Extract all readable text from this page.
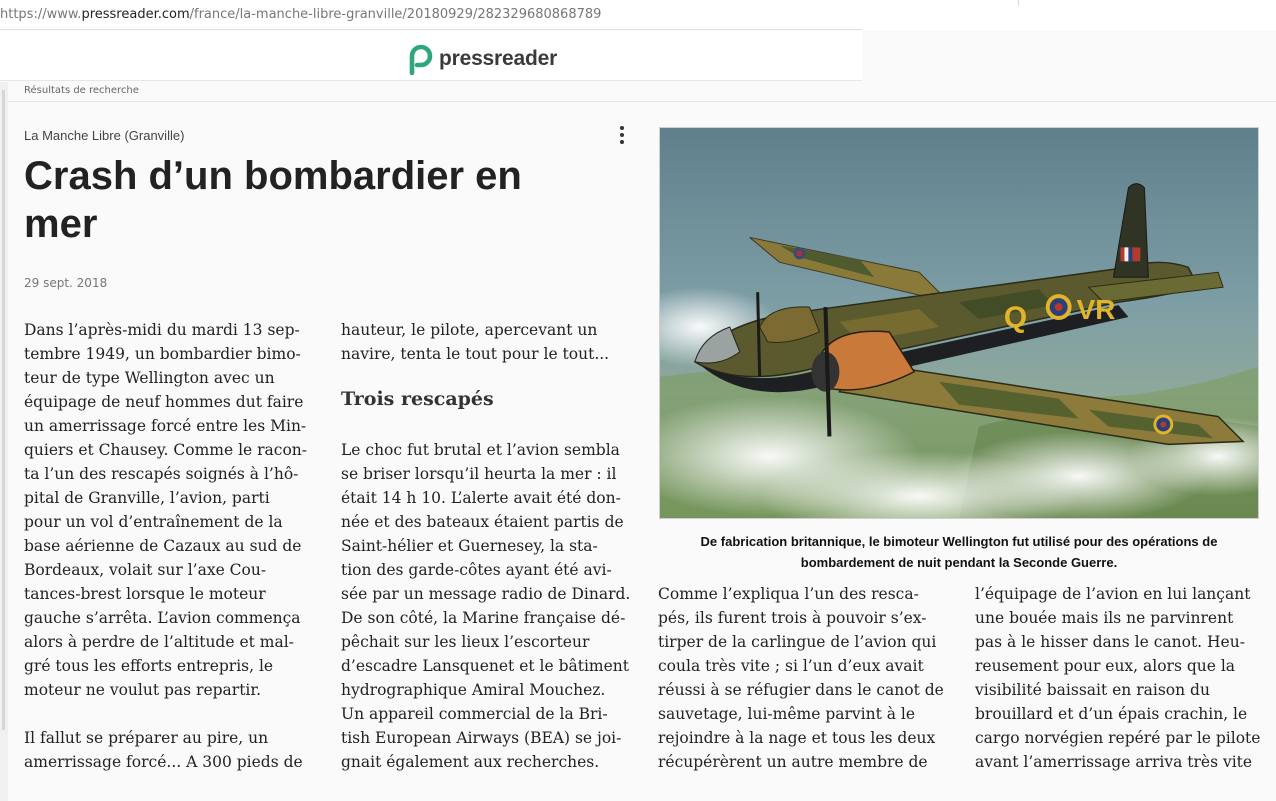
https://www.pressreader.com/france/la-manche-libre-granville/20180929/282329680868789
pressreader
Résultats de recherche
La Manche Libre (Granville)
Crash d’un bombardier en
mer
29 sept. 2018
Dans l’après-midi du mardi 13 sep-
tembre 1949, un bombardier bimo-
teur de type Wellington avec un
équipage de neuf hommes dut faire
un amerrissage forcé entre les Min-
quiers et Chausey. Comme le racon-
ta l’un des rescapés soignés à l’hô-
pital de Granville, l’avion, parti
pour un vol d’entraînement de la
base aérienne de Cazaux au sud de
Bordeaux, volait sur l’axe Cou-
tances-brest lorsque le moteur
gauche s’arrêta. L’avion commença
alors à perdre de l’altitude et mal-
gré tous les efforts entrepris, le
moteur ne voulut pas repartir.
Il fallut se préparer au pire, un
amerrissage forcé... A 300 pieds de
hauteur, le pilote, apercevant un
navire, tenta le tout pour le tout...
Trois rescapés
Le choc fut brutal et l’avion sembla
se briser lorsqu’il heurta la mer : il
était 14 h 10. L’alerte avait été don-
née et des bateaux étaient partis de
Saint-hélier et Guernesey, la sta-
tion des garde-côtes ayant été avi-
sée par un message radio de Dinard.
De son côté, la Marine française dé-
pêchait sur les lieux l’escorteur
d’escadre Lansquenet et le bâtiment
hydrographique Amiral Mouchez.
Un appareil commercial de la Bri-
tish European Airways (BEA) se joi-
gnait également aux recherches.
Q VR
De fabrication britannique, le bimoteur Wellington fut utilisé pour des opérations de
bombardement de nuit pendant la Seconde Guerre.
Comme l’expliqua l’un des resca-
pés, ils furent trois à pouvoir s’ex-
tirper de la carlingue de l’avion qui
coula très vite ; si l’un d’eux avait
réussi à se réfugier dans le canot de
sauvetage, lui-même parvint à le
rejoindre à la nage et tous les deux
récupérèrent un autre membre de
l’équipage de l’avion en lui lançant
une bouée mais ils ne parvinrent
pas à le hisser dans le canot. Heu-
reusement pour eux, alors que la
visibilité baissait en raison du
brouillard et d’un épais crachin, le
cargo norvégien repéré par le pilote
avant l’amerrissage arriva très vite
